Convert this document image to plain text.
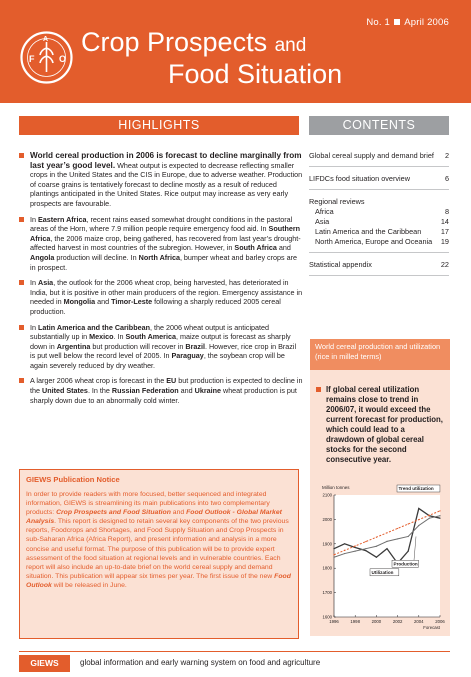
No. 1 April 2006
F	O
A Crop Prospects and
Food Situation
HIGHLIGHTS	CONTENTS
World cereal production in 2006 is forecast to decline marginally from last year’s good level. Wheat output is expected to decrease reflecting smaller crops in the United States and the CIS in Europe, due to adverse weather. Production of coarse grains is tentatively forecast to decline mostly as a result of reduced plantings anticipated in the United States. Rice output may increase as very early prospects are favourable.
In Eastern Africa, recent rains eased somewhat drought conditions in the pastoral areas of the Horn, where 7.9 million people require emergency food aid. In Southern Africa, the 2006 maize crop, being gathered, has recovered from last year’s drought-affected harvest in most countries of the subregion. However, in South Africa and Angola production will decline. In North Africa, bumper wheat and barley crops are in prospect.
In Asia, the outlook for the 2006 wheat crop, being harvested, has deteriorated in India, but it is positive in other main producers of the region. Emergency assistance in needed in Mongolia and Timor-Leste following a sharply reduced 2005 cereal production.
In Latin America and the Caribbean, the 2006 wheat output is anticipated substantially up in Mexico. In South America, maize output is forecast as sharply down in Argentina but production will recover in Brazil. However, rice crop in Brazil is put well below the record level of 2005. In Paraguay, the soybean crop will be again severely reduced by dry weather.
A larger 2006 wheat crop is forecast in the EU but production is expected to decline in the United States. In the Russian Federation and Ukraine wheat production is put sharply down due to an abnormally cold winter.
GIEWS Publication Notice
In order to provide readers with more focused, better sequenced and integrated information, GIEWS is streamlining its main publications into two complementary products: Crop Prospects and Food Situation and Food Outlook - Global Market Analysis. This report is designed to retain several key components of the two previous reports, Foodcrops and Shortages, and Food Supply Situation and Crop Prospects in sub-Saharan Africa (Africa Report), and present information and analysis in a more concise and useful format. The purpose of this publication will be to provide expert assessment of the food situation at regional levels and in vulnerable countries. Each report will also include an up-to-date brief on the world cereal supply and demand situation. This publication will appear six times per year. The first issue of the new Food Outlook will be released in June.
Global cereal supply and demand brief 2
LIFDCs food situation overview	6
Regional reviews
Africa	8
Asia	14
Latin America and the Caribbean	17
North America, Europe and Oceania 19
Statistical appendix	22
World cereal production and utilization (rice in milled terms)
If global cereal utilization remains close to trend in 2006/07, it would exceed the current forecast for production, which could lead to a drawdown of global cereal stocks for the second consecutive year.
1600
1700
1800
1900
2000
2100
Million tonnes
1996	1998	2000	2002	2004	2006
Forecast
Trend utilization
Production
Utilization
GIEWS	global information and early warning system on food and agriculture
